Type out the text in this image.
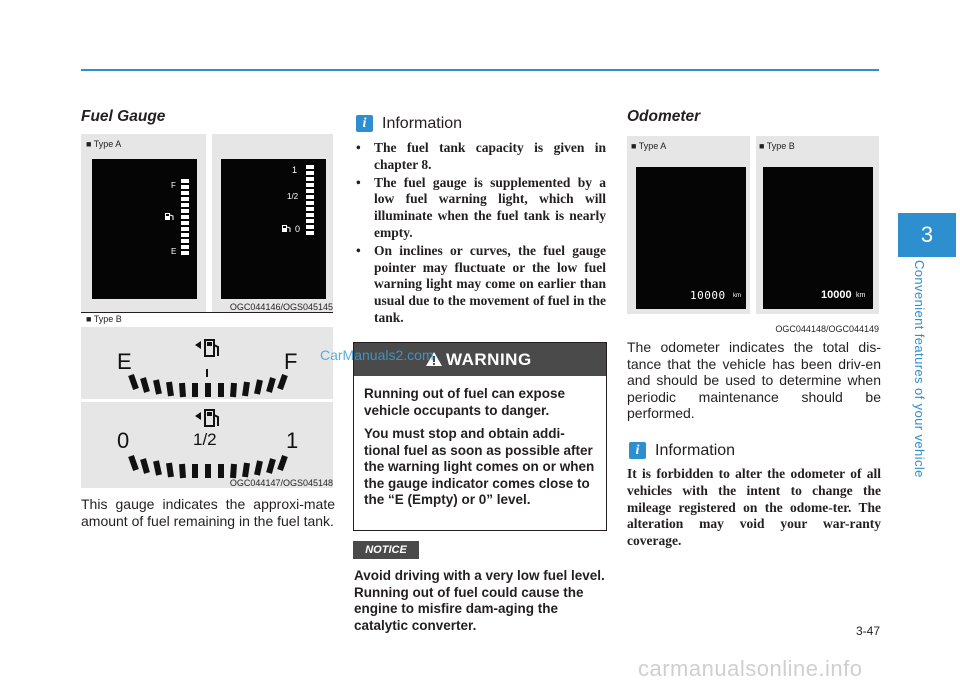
Fuel Gauge
■ Type A
F
E
1
1/2
0
OGC044146/OGS045145
■ Type B
E	F
0	1/2	1
OGC044147/OGS045148
This gauge indicates the approxi-mate amount of fuel remaining in the fuel tank.
i Information
• The fuel tank capacity is given in chapter 8.
• The fuel gauge is supplemented by a low fuel warning light, which will illuminate when the fuel tank is nearly empty.
• On inclines or curves, the fuel gauge pointer may fluctuate or the low fuel warning light may come on earlier than usual due to the movement of fuel in the tank.
WARNING
Running out of fuel can expose vehicle occupants to danger.
You must stop and obtain addi-tional fuel as soon as possible after the warning light comes on or when the gauge indicator comes close to the “E (Empty) or 0” level.
CarManuals2.com
NOTICE
Avoid driving with a very low fuel level. Running out of fuel could cause the engine to misfire dam-aging the catalytic converter.
Odometer
■ Type A	■ Type B
10000 km	10000 km
OGC044148/OGC044149
The odometer indicates the total dis-tance that the vehicle has been driv-en and should be used to determine when periodic maintenance should be performed.
i Information
It is forbidden to alter the odometer of all vehicles with the intent to change the mileage registered on the odome-ter. The alteration may void your war-ranty coverage.
3
Convenient features of your vehicle
3-47
carmanualsonline.info
